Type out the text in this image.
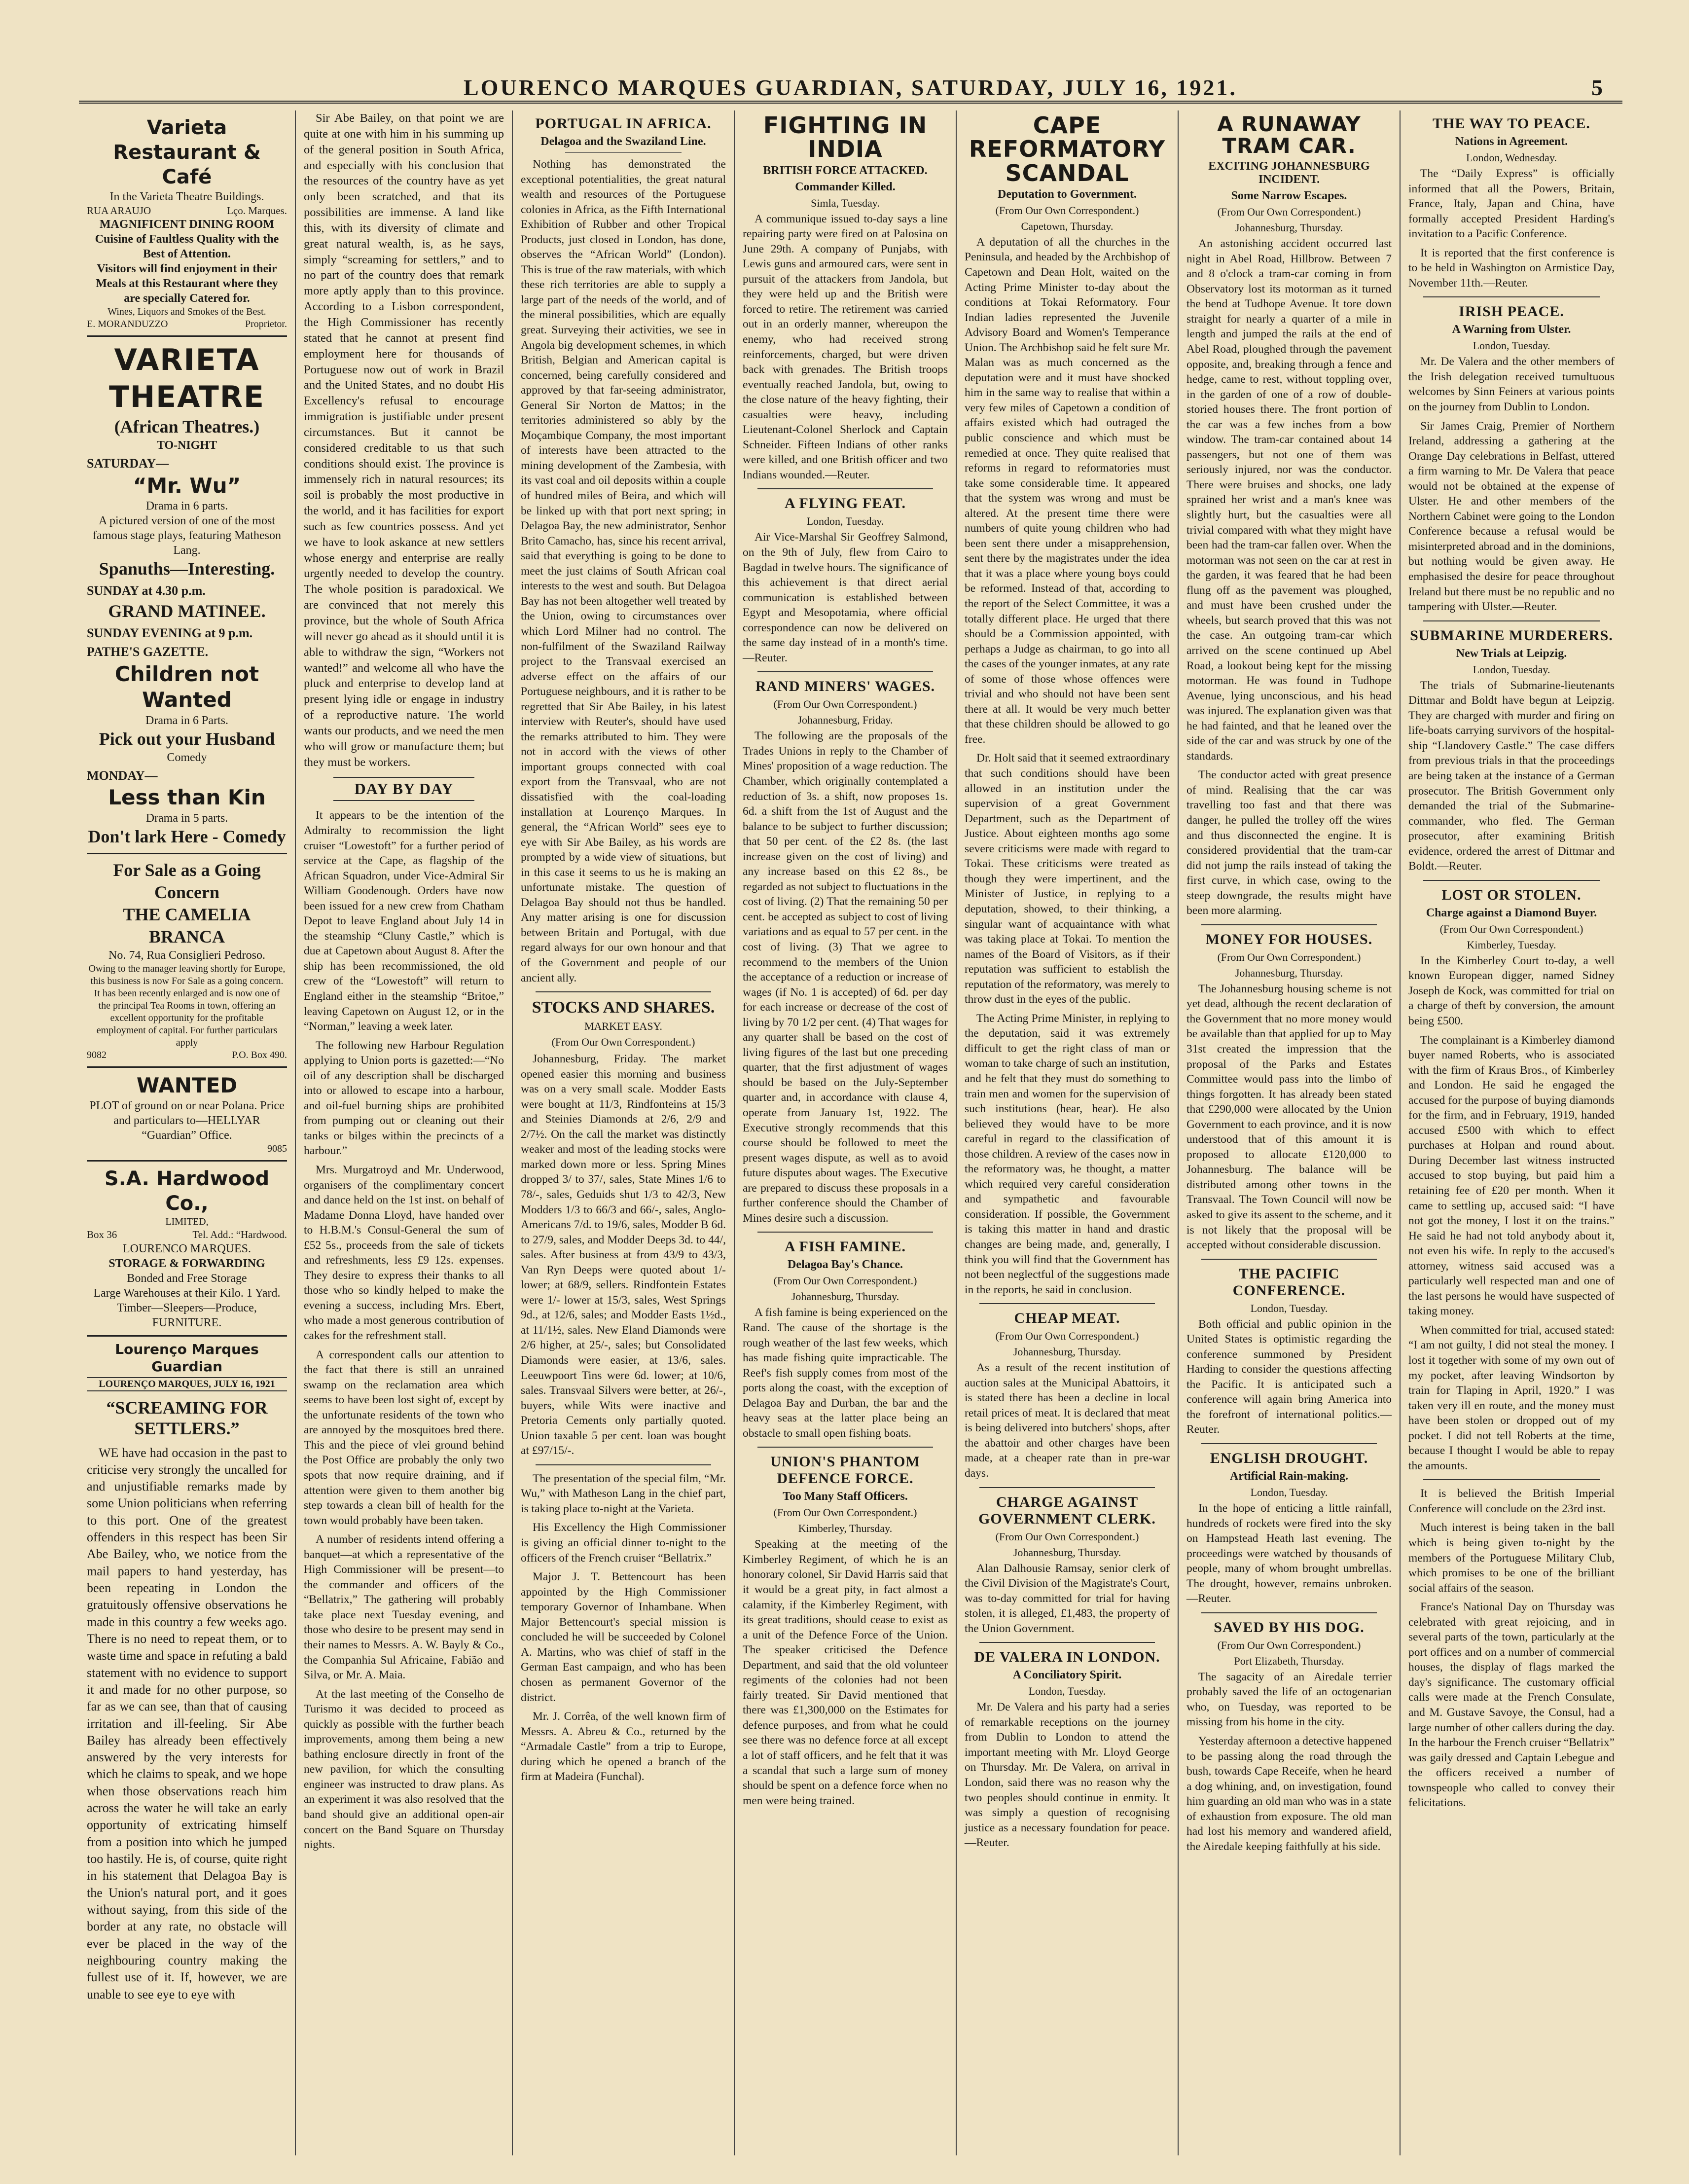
LOURENCO MARQUES GUARDIAN, SATURDAY, JULY 16, 1921.	5
Varieta Restaurant & Café
In the Varieta Theatre Buildings.
RUA ARAUJO	Lço. Marques.
MAGNIFICENT DINING ROOM
Cuisine of Faultless Quality with the Best of Attention.
Visitors will find enjoyment in their Meals at this Restaurant where they are specially Catered for.
Wines, Liquors and Smokes of the Best.
E. MORANDUZZO	Proprietor.
VARIETA THEATRE
(African Theatres.)
TO-NIGHT
SATURDAY—
“Mr. Wu”
Drama in 6 parts.
A pictured version of one of the most famous stage plays, featuring Matheson Lang.
Spanuths—Interesting.
SUNDAY at 4.30 p.m.
GRAND MATINEE.
SUNDAY EVENING at 9 p.m.
PATHE'S GAZETTE.
Children not Wanted
Drama in 6 Parts.
Pick out your Husband
Comedy
MONDAY—
Less than Kin
Drama in 5 parts.
Don't lark Here - Comedy
For Sale as a Going Concern
THE CAMELIA BRANCA
No. 74, Rua Consiglieri Pedroso.
Owing to the manager leaving shortly for Europe, this business is now For Sale as a going concern. It has been recently enlarged and is now one of the principal Tea Rooms in town, offering an excellent opportunity for the profitable employment of capital. For further particulars apply
9082	P.O. Box 490.
WANTED
PLOT of ground on or near Polana. Price and particulars to—HELLYAR “Guardian” Office.
9085
S.A. Hardwood Co.,
LIMITED,
Box 36	Tel. Add.: “Hardwood.
LOURENCO MARQUES.
STORAGE & FORWARDING
Bonded and Free Storage
Large Warehouses at their Kilo. 1 Yard.
Timber—Sleepers—Produce,
FURNITURE.
Lourenço Marques Guardian
LOURENÇO MARQUES, JULY 16, 1921
“SCREAMING FOR SETTLERS.”

WE have had occasion in the past to criticise very strongly the uncalled for and unjustifiable remarks made by some Union politicians when referring to this port. One of the greatest offenders in this respect has been Sir Abe Bailey, who, we notice from the mail papers to hand yesterday, has been repeating in London the gratuitously offensive observations he made in this country a few weeks ago. There is no need to repeat them, or to waste time and space in refuting a bald statement with no evidence to support it and made for no other purpose, so far as we can see, than that of causing irritation and ill-feeling. Sir Abe Bailey has already been effectively answered by the very interests for which he claims to speak, and we hope when those observations reach him across the water he will take an early opportunity of extricating himself from a position into which he jumped too hastily. He is, of course, quite right in his statement that Delagoa Bay is the Union's natural port, and it goes without saying, from this side of the border at any rate, no obstacle will ever be placed in the way of the neighbouring country making the fullest use of it. If, however, we are unable to see eye to eye with

Sir Abe Bailey, on that point we are quite at one with him in his summing up of the general position in South Africa, and especially with his conclusion that the resources of the country have as yet only been scratched, and that its possibilities are immense. A land like this, with its diversity of climate and great natural wealth, is, as he says, simply “screaming for settlers,” and to no part of the country does that remark more aptly apply than to this province. According to a Lisbon correspondent, the High Commissioner has recently stated that he cannot at present find employment here for thousands of Portuguese now out of work in Brazil and the United States, and no doubt His Excellency's refusal to encourage immigration is justifiable under present circumstances. But it cannot be considered creditable to us that such conditions should exist. The province is immensely rich in natural resources; its soil is probably the most productive in the world, and it has facilities for export such as few countries possess. And yet we have to look askance at new settlers whose energy and enterprise are really urgently needed to develop the country. The whole position is paradoxical. We are convinced that not merely this province, but the whole of South Africa will never go ahead as it should until it is able to withdraw the sign, “Workers not wanted!” and welcome all who have the pluck and enterprise to develop land at present lying idle or engage in industry of a reproductive nature. The world wants our products, and we need the men who will grow or manufacture them; but they must be workers.

DAY BY DAY

It appears to be the intention of the Admiralty to recommission the light cruiser “Lowestoft” for a further period of service at the Cape, as flagship of the African Squadron, under Vice-Admiral Sir William Goodenough. Orders have now been issued for a new crew from Chatham Depot to leave England about July 14 in the steamship “Cluny Castle,” which is due at Capetown about August 8. After the ship has been recommissioned, the old crew of the “Lowestoft” will return to England either in the steamship “Britoe,” leaving Capetown on August 12, or in the “Norman,” leaving a week later.

The following new Harbour Regulation applying to Union ports is gazetted:—“No oil of any description shall be discharged into or allowed to escape into a harbour, and oil-fuel burning ships are prohibited from pumping out or cleaning out their tanks or bilges within the precincts of a harbour.”

Mrs. Murgatroyd and Mr. Underwood, organisers of the complimentary concert and dance held on the 1st inst. on behalf of Madame Donna Lloyd, have handed over to H.B.M.'s Consul-General the sum of £52 5s., proceeds from the sale of tickets and refreshments, less £9 12s. expenses. They desire to express their thanks to all those who so kindly helped to make the evening a success, including Mrs. Ebert, who made a most generous contribution of cakes for the refreshment stall.

A correspondent calls our attention to the fact that there is still an unrained swamp on the reclamation area which seems to have been lost sight of, except by the unfortunate residents of the town who are annoyed by the mosquitoes bred there. This and the piece of vlei ground behind the Post Office are probably the only two spots that now require draining, and if attention were given to them another big step towards a clean bill of health for the town would probably have been taken.

A number of residents intend offering a banquet—at which a representative of the High Commissioner will be present—to the commander and officers of the “Bellatrix,” The gathering will probably take place next Tuesday evening, and those who desire to be present may send in their names to Messrs. A. W. Bayly & Co., the Companhia Sul Africaine, Fabião and Silva, or Mr. A. Maia.

At the last meeting of the Conselho de Turismo it was decided to proceed as quickly as possible with the further beach improvements, among them being a new bathing enclosure directly in front of the new pavilion, for which the consulting engineer was instructed to draw plans. As an experiment it was also resolved that the band should give an additional open-air concert on the Band Square on Thursday nights.

PORTUGAL IN AFRICA.
Delagoa and the Swaziland Line.

Nothing has demonstrated the exceptional potentialities, the great natural wealth and resources of the Portuguese colonies in Africa, as the Fifth International Exhibition of Rubber and other Tropical Products, just closed in London, has done, observes the “African World” (London). This is true of the raw materials, with which these rich territories are able to supply a large part of the needs of the world, and of the mineral possibilities, which are equally great. Surveying their activities, we see in Angola big development schemes, in which British, Belgian and American capital is concerned, being carefully considered and approved by that far-seeing administrator, General Sir Norton de Mattos; in the territories administered so ably by the Moçambique Company, the most important of interests have been attracted to the mining development of the Zambesia, with its vast coal and oil deposits within a couple of hundred miles of Beira, and which will be linked up with that port next spring; in Delagoa Bay, the new administrator, Senhor Brito Camacho, has, since his recent arrival, said that everything is going to be done to meet the just claims of South African coal interests to the west and south. But Delagoa Bay has not been altogether well treated by the Union, owing to circumstances over which Lord Milner had no control. The non-fulfilment of the Swaziland Railway project to the Transvaal exercised an adverse effect on the affairs of our Portuguese neighbours, and it is rather to be regretted that Sir Abe Bailey, in his latest interview with Reuter's, should have used the remarks attributed to him. They were not in accord with the views of other important groups connected with coal export from the Transvaal, who are not dissatisfied with the coal-loading installation at Lourenço Marques. In general, the “African World” sees eye to eye with Sir Abe Bailey, as his words are prompted by a wide view of situations, but in this case it seems to us he is making an unfortunate mistake. The question of Delagoa Bay should not thus be handled. Any matter arising is one for discussion between Britain and Portugal, with due regard always for our own honour and that of the Government and people of our ancient ally.

STOCKS AND SHARES.
MARKET EASY.
(From Our Own Correspondent.)

Johannesburg, Friday. The market opened easier this morning and business was on a very small scale. Modder Easts were bought at 11/3, Rindfonteins at 15/3 and Steinies Diamonds at 2/6, 2/9 and 2/7½. On the call the market was distinctly weaker and most of the leading stocks were marked down more or less. Spring Mines dropped 3/ to 37/, sales, State Mines 1/6 to 78/-, sales, Geduids shut 1/3 to 42/3, New Modders 1/3 to 66/3 and 66/-, sales, Anglo-Americans 7/d. to 19/6, sales, Modder B 6d. to 27/9, sales, and Modder Deeps 3d. to 44/, sales. After business at from 43/9 to 43/3, Van Ryn Deeps were quoted about 1/- lower; at 68/9, sellers. Rindfontein Estates were 1/- lower at 15/3, sales, West Springs 9d., at 12/6, sales; and Modder Easts 1½d., at 11/1½, sales. New Eland Diamonds were 2/6 higher, at 25/-, sales; but Consolidated Diamonds were easier, at 13/6, sales. Leeuwpoort Tins were 6d. lower; at 10/6, sales. Transvaal Silvers were better, at 26/-, buyers, while Wits were inactive and Pretoria Cements only partially quoted. Union taxable 5 per cent. loan was bought at £97/15/-.

The presentation of the special film, “Mr. Wu,” with Matheson Lang in the chief part, is taking place to-night at the Varieta.

His Excellency the High Commissioner is giving an official dinner to-night to the officers of the French cruiser “Bellatrix.”

Major J. T. Bettencourt has been appointed by the High Commissioner temporary Governor of Inhambane. When Major Bettencourt's special mission is concluded he will be succeeded by Colonel A. Martins, who was chief of staff in the German East campaign, and who has been chosen as permanent Governor of the district.

Mr. J. Corrêa, of the well known firm of Messrs. A. Abreu & Co., returned by the “Armadale Castle” from a trip to Europe, during which he opened a branch of the firm at Madeira (Funchal).

FIGHTING IN INDIA
BRITISH FORCE ATTACKED.
Commander Killed.
Simla, Tuesday.

A communique issued to-day says a line repairing party were fired on at Palosina on June 29th. A company of Punjabs, with Lewis guns and armoured cars, were sent in pursuit of the attackers from Jandola, but they were held up and the British were forced to retire. The retirement was carried out in an orderly manner, whereupon the enemy, who had received strong reinforcements, charged, but were driven back with grenades. The British troops eventually reached Jandola, but, owing to the close nature of the heavy fighting, their casualties were heavy, including Lieutenant-Colonel Sherlock and Captain Schneider. Fifteen Indians of other ranks were killed, and one British officer and two Indians wounded.—Reuter.

A FLYING FEAT.
London, Tuesday.

Air Vice-Marshal Sir Geoffrey Salmond, on the 9th of July, flew from Cairo to Bagdad in twelve hours. The significance of this achievement is that direct aerial communication is established between Egypt and Mesopotamia, where official correspondence can now be delivered on the same day instead of in a month's time.—Reuter.

RAND MINERS' WAGES.
(From Our Own Correspondent.)
Johannesburg, Friday.

The following are the proposals of the Trades Unions in reply to the Chamber of Mines' proposition of a wage reduction. The Chamber, which originally contemplated a reduction of 3s. a shift, now proposes 1s. 6d. a shift from the 1st of August and the balance to be subject to further discussion; that 50 per cent. of the £2 8s. (the last increase given on the cost of living) and any increase based on this £2 8s., be regarded as not subject to fluctuations in the cost of living. (2) That the remaining 50 per cent. be accepted as subject to cost of living variations and as equal to 57 per cent. in the cost of living. (3) That we agree to recommend to the members of the Union the acceptance of a reduction or increase of wages (if No. 1 is accepted) of 6d. per day for each increase or decrease of the cost of living by 70 1/2 per cent. (4) That wages for any quarter shall be based on the cost of living figures of the last but one preceding quarter, that the first adjustment of wages should be based on the July-September quarter and, in accordance with clause 4, operate from January 1st, 1922. The Executive strongly recommends that this course should be followed to meet the present wages dispute, as well as to avoid future disputes about wages. The Executive are prepared to discuss these proposals in a further conference should the Chamber of Mines desire such a discussion.

A FISH FAMINE.
Delagoa Bay's Chance.
(From Our Own Correspondent.)
Johannesburg, Thursday.

A fish famine is being experienced on the Rand. The cause of the shortage is the rough weather of the last few weeks, which has made fishing quite impracticable. The Reef's fish supply comes from most of the ports along the coast, with the exception of Delagoa Bay and Durban, the bar and the heavy seas at the latter place being an obstacle to small open fishing boats.

UNION'S PHANTOM DEFENCE FORCE.
Too Many Staff Officers.
(From Our Own Correspondent.)
Kimberley, Thursday.

Speaking at the meeting of the Kimberley Regiment, of which he is an honorary colonel, Sir David Harris said that it would be a great pity, in fact almost a calamity, if the Kimberley Regiment, with its great traditions, should cease to exist as a unit of the Defence Force of the Union. The speaker criticised the Defence Department, and said that the old volunteer regiments of the colonies had not been fairly treated. Sir David mentioned that there was £1,300,000 on the Estimates for defence purposes, and from what he could see there was no defence force at all except a lot of staff officers, and he felt that it was a scandal that such a large sum of money should be spent on a defence force when no men were being trained.

CAPE REFORMATORY SCANDAL
Deputation to Government.
(From Our Own Correspondent.)
Capetown, Thursday.

A deputation of all the churches in the Peninsula, and headed by the Archbishop of Capetown and Dean Holt, waited on the Acting Prime Minister to-day about the conditions at Tokai Reformatory. Four Indian ladies represented the Juvenile Advisory Board and Women's Temperance Union. The Archbishop said he felt sure Mr. Malan was as much concerned as the deputation were and it must have shocked him in the same way to realise that within a very few miles of Capetown a condition of affairs existed which had outraged the public conscience and which must be remedied at once. They quite realised that reforms in regard to reformatories must take some considerable time. It appeared that the system was wrong and must be altered. At the present time there were numbers of quite young children who had been sent there under a misapprehension, sent there by the magistrates under the idea that it was a place where young boys could be reformed. Instead of that, according to the report of the Select Committee, it was a totally different place. He urged that there should be a Commission appointed, with perhaps a Judge as chairman, to go into all the cases of the younger inmates, at any rate of some of those whose offences were trivial and who should not have been sent there at all. It would be very much better that these children should be allowed to go free.

Dr. Holt said that it seemed extraordinary that such conditions should have been allowed in an institution under the supervision of a great Government Department, such as the Department of Justice. About eighteen months ago some severe criticisms were made with regard to Tokai. These criticisms were treated as though they were impertinent, and the Minister of Justice, in replying to a deputation, showed, to their thinking, a singular want of acquaintance with what was taking place at Tokai. To mention the names of the Board of Visitors, as if their reputation was sufficient to establish the reputation of the reformatory, was merely to throw dust in the eyes of the public.

The Acting Prime Minister, in replying to the deputation, said it was extremely difficult to get the right class of man or woman to take charge of such an institution, and he felt that they must do something to train men and women for the supervision of such institutions (hear, hear). He also believed they would have to be more careful in regard to the classification of those children. A review of the cases now in the reformatory was, he thought, a matter which required very careful consideration and sympathetic and favourable consideration. If possible, the Government is taking this matter in hand and drastic changes are being made, and, generally, I think you will find that the Government has not been neglectful of the suggestions made in the reports, he said in conclusion.

CHEAP MEAT.
(From Our Own Correspondent.)
Johannesburg, Thursday.

As a result of the recent institution of auction sales at the Municipal Abattoirs, it is stated there has been a decline in local retail prices of meat. It is declared that meat is being delivered into butchers' shops, after the abattoir and other charges have been made, at a cheaper rate than in pre-war days.

CHARGE AGAINST GOVERNMENT CLERK.
(From Our Own Correspondent.)
Johannesburg, Thursday.

Alan Dalhousie Ramsay, senior clerk of the Civil Division of the Magistrate's Court, was to-day committed for trial for having stolen, it is alleged, £1,483, the property of the Union Government.

DE VALERA IN LONDON.
A Conciliatory Spirit.
London, Tuesday.

Mr. De Valera and his party had a series of remarkable receptions on the journey from Dublin to London to attend the important meeting with Mr. Lloyd George on Thursday. Mr. De Valera, on arrival in London, said there was no reason why the two peoples should continue in enmity. It was simply a question of recognising justice as a necessary foundation for peace.—Reuter.

A RUNAWAY TRAM CAR.
EXCITING JOHANNESBURG INCIDENT.
Some Narrow Escapes.
(From Our Own Correspondent.)
Johannesburg, Thursday.

An astonishing accident occurred last night in Abel Road, Hillbrow. Between 7 and 8 o'clock a tram-car coming in from Observatory lost its motorman as it turned the bend at Tudhope Avenue. It tore down straight for nearly a quarter of a mile in length and jumped the rails at the end of Abel Road, ploughed through the pavement opposite, and, breaking through a fence and hedge, came to rest, without toppling over, in the garden of one of a row of double-storied houses there. The front portion of the car was a few inches from a bow window. The tram-car contained about 14 passengers, but not one of them was seriously injured, nor was the conductor. There were bruises and shocks, one lady sprained her wrist and a man's knee was slightly hurt, but the casualties were all trivial compared with what they might have been had the tram-car fallen over. When the motorman was not seen on the car at rest in the garden, it was feared that he had been flung off as the pavement was ploughed, and must have been crushed under the wheels, but search proved that this was not the case. An outgoing tram-car which arrived on the scene continued up Abel Road, a lookout being kept for the missing motorman. He was found in Tudhope Avenue, lying unconscious, and his head was injured. The explanation given was that he had fainted, and that he leaned over the side of the car and was struck by one of the standards.

The conductor acted with great presence of mind. Realising that the car was travelling too fast and that there was danger, he pulled the trolley off the wires and thus disconnected the engine. It is considered providential that the tram-car did not jump the rails instead of taking the first curve, in which case, owing to the steep downgrade, the results might have been more alarming.

MONEY FOR HOUSES.
(From Our Own Correspondent.)
Johannesburg, Thursday.

The Johannesburg housing scheme is not yet dead, although the recent declaration of the Government that no more money would be available than that applied for up to May 31st created the impression that the proposal of the Parks and Estates Committee would pass into the limbo of things forgotten. It has already been stated that £290,000 were allocated by the Union Government to each province, and it is now understood that of this amount it is proposed to allocate £120,000 to Johannesburg. The balance will be distributed among other towns in the Transvaal. The Town Council will now be asked to give its assent to the scheme, and it is not likely that the proposal will be accepted without considerable discussion.

THE PACIFIC CONFERENCE.
London, Tuesday.

Both official and public opinion in the United States is optimistic regarding the conference summoned by President Harding to consider the questions affecting the Pacific. It is anticipated such a conference will again bring America into the forefront of international politics.—Reuter.

ENGLISH DROUGHT.
Artificial Rain-making.
London, Tuesday.

In the hope of enticing a little rainfall, hundreds of rockets were fired into the sky on Hampstead Heath last evening. The proceedings were watched by thousands of people, many of whom brought umbrellas. The drought, however, remains unbroken.—Reuter.

SAVED BY HIS DOG.
(From Our Own Correspondent.)
Port Elizabeth, Thursday.

The sagacity of an Airedale terrier probably saved the life of an octogenarian who, on Tuesday, was reported to be missing from his home in the city.

Yesterday afternoon a detective happened to be passing along the road through the bush, towards Cape Receife, when he heard a dog whining, and, on investigation, found him guarding an old man who was in a state of exhaustion from exposure. The old man had lost his memory and wandered afield, the Airedale keeping faithfully at his side.

THE WAY TO PEACE.
Nations in Agreement.
London, Wednesday.

The “Daily Express” is officially informed that all the Powers, Britain, France, Italy, Japan and China, have formally accepted President Harding's invitation to a Pacific Conference.

It is reported that the first conference is to be held in Washington on Armistice Day, November 11th.—Reuter.

IRISH PEACE.
A Warning from Ulster.
London, Tuesday.

Mr. De Valera and the other members of the Irish delegation received tumultuous welcomes by Sinn Feiners at various points on the journey from Dublin to London.

Sir James Craig, Premier of Northern Ireland, addressing a gathering at the Orange Day celebrations in Belfast, uttered a firm warning to Mr. De Valera that peace would not be obtained at the expense of Ulster. He and other members of the Northern Cabinet were going to the London Conference because a refusal would be misinterpreted abroad and in the dominions, but nothing would be given away. He emphasised the desire for peace throughout Ireland but there must be no republic and no tampering with Ulster.—Reuter.

SUBMARINE MURDERERS.
New Trials at Leipzig.
London, Tuesday.

The trials of Submarine-lieutenants Dittmar and Boldt have begun at Leipzig. They are charged with murder and firing on life-boats carrying survivors of the hospital-ship “Llandovery Castle.” The case differs from previous trials in that the proceedings are being taken at the instance of a German prosecutor. The British Government only demanded the trial of the Submarine-commander, who fled. The German prosecutor, after examining British evidence, ordered the arrest of Dittmar and Boldt.—Reuter.

LOST OR STOLEN.
Charge against a Diamond Buyer.
(From Our Own Correspondent.)
Kimberley, Tuesday.

In the Kimberley Court to-day, a well known European digger, named Sidney Joseph de Kock, was committed for trial on a charge of theft by conversion, the amount being £500.

The complainant is a Kimberley diamond buyer named Roberts, who is associated with the firm of Kraus Bros., of Kimberley and London. He said he engaged the accused for the purpose of buying diamonds for the firm, and in February, 1919, handed accused £500 with which to effect purchases at Holpan and round about. During December last witness instructed accused to stop buying, but paid him a retaining fee of £20 per month. When it came to settling up, accused said: “I have not got the money, I lost it on the trains.” He said he had not told anybody about it, not even his wife. In reply to the accused's attorney, witness said accused was a particularly well respected man and one of the last persons he would have suspected of taking money.

When committed for trial, accused stated: “I am not guilty, I did not steal the money. I lost it together with some of my own out of my pocket, after leaving Windsorton by train for Tlaping in April, 1920.” I was taken very ill en route, and the money must have been stolen or dropped out of my pocket. I did not tell Roberts at the time, because I thought I would be able to repay the amounts.

It is believed the British Imperial Conference will conclude on the 23rd inst.

Much interest is being taken in the ball which is being given to-night by the members of the Portuguese Military Club, which promises to be one of the brilliant social affairs of the season.

France's National Day on Thursday was celebrated with great rejoicing, and in several parts of the town, particularly at the port offices and on a number of commercial houses, the display of flags marked the day's significance. The customary official calls were made at the French Consulate, and M. Gustave Savoye, the Consul, had a large number of other callers during the day. In the harbour the French cruiser “Bellatrix” was gaily dressed and Captain Lebegue and the officers received a number of townspeople who called to convey their felicitations.
